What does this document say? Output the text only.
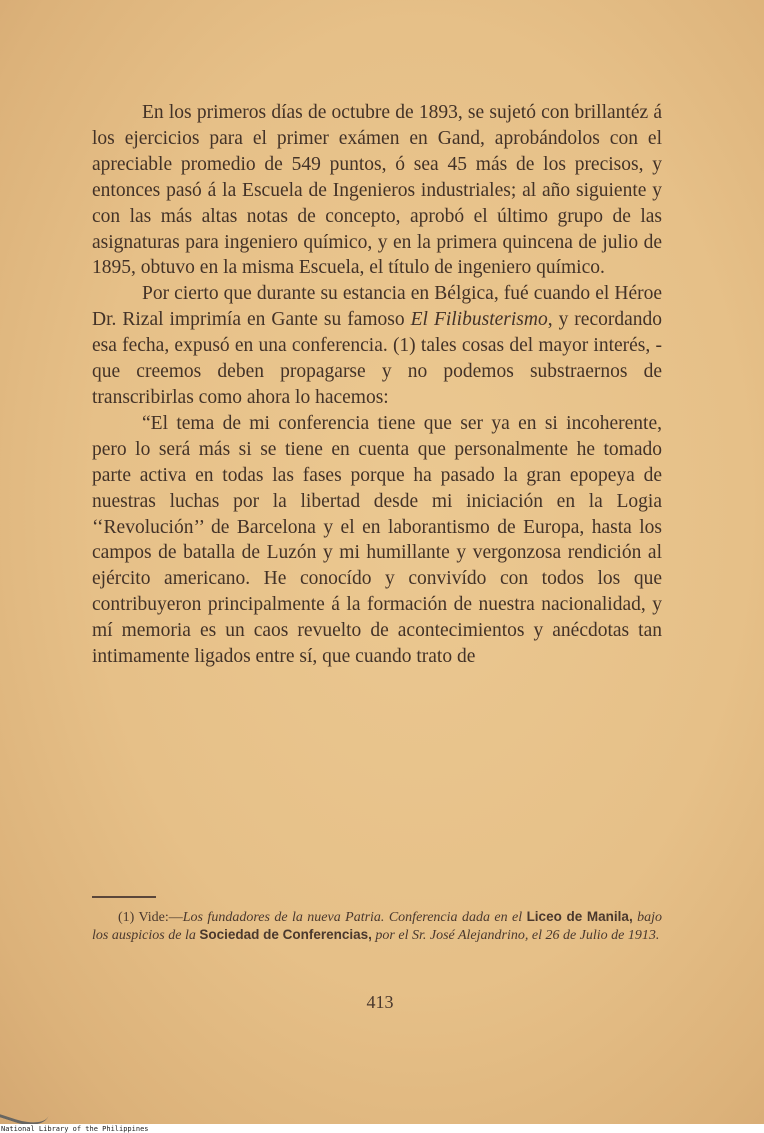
En los primeros días de octubre de 1893, se sujetó con brillantéz á los ejercicios para el primer exámen en Gand, aprobándolos con el apreciable promedio de 549 puntos, ó sea 45 más de los precisos, y entonces pasó á la Escuela de Ingenieros industriales; al año siguiente y con las más altas notas de concepto, aprobó el último grupo de las asignaturas para ingeniero químico, y en la primera quincena de julio de 1895, obtuvo en la misma Escuela, el título de ingeniero químico.

Por cierto que durante su estancia en Bélgica, fué cuando el Héroe Dr. Rizal imprimía en Gante su famoso El Filibusterismo, y recordando esa fecha, expusó en una conferencia. (1) tales cosas del mayor interés, -que creemos deben propagarse y no podemos substraernos de transcribirlas como ahora lo hacemos:

“El tema de mi conferencia tiene que ser ya en si incoherente, pero lo será más si se tiene en cuenta que personalmente he tomado parte activa en todas las fases porque ha pasado la gran epopeya de nuestras luchas por la libertad desde mi iniciación en la Logia ‘‘Revolución’’ de Barcelona y el en laborantismo de Europa, hasta los campos de batalla de Luzón y mi humillante y vergonzosa rendición al ejército americano. He conocído y convivído con todos los que contribuyeron principalmente á la formación de nuestra nacionalidad, y mí memoria es un caos revuelto de acontecimientos y anécdotas tan intimamente ligados entre sí, que cuando trato de

(1) Vide:—Los fundadores de la nueva Patria. Conferencia dada en el Liceo de Manila, bajo los auspicios de la Sociedad de Conferencias, por el Sr. José Alejandrino, el 26 de Julio de 1913.
413
National Library of the Philippines
